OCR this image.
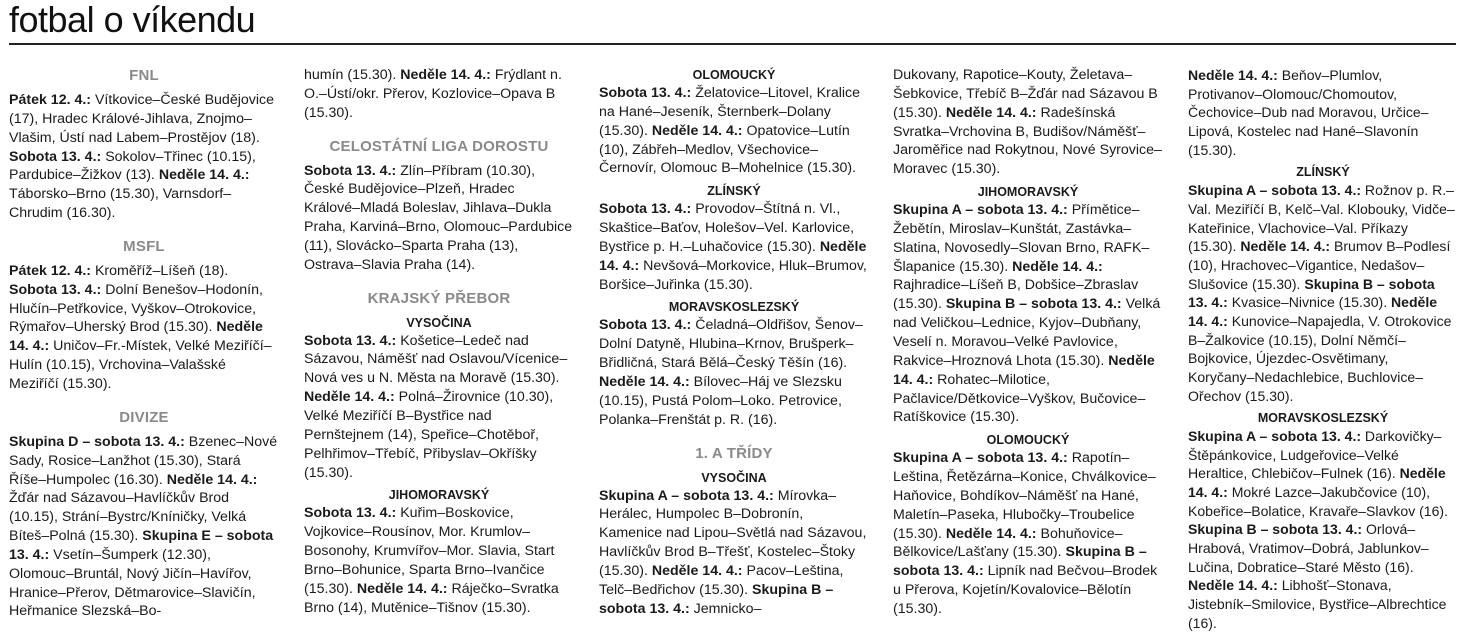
fotbal o víkendu
FNL

Pátek 12. 4.: Vítkovice–České Budějovice (17), Hradec Králové-Jihlava, Znojmo–Vlašim, Ústí nad Labem–Prostějov (18). Sobota 13. 4.: Sokolov–Třinec (10.15), Pardubice–Žižkov (13). Neděle 14. 4.: Táborsko–Brno (15.30), Varnsdorf–Chrudim (16.30).

MSFL

Pátek 12. 4.: Kroměříž–Líšeň (18). Sobota 13. 4.: Dolní Benešov–Hodonín, Hlučín–Petřkovice, Vyškov–Otrokovice, Rýmařov–Uherský Brod (15.30). Neděle 14. 4.: Uničov–Fr.-Místek, Velké Meziříčí–Hulín (10.15), Vrchovina–Valašské Meziříčí (15.30).

DIVIZE

Skupina D – sobota 13. 4.: Bzenec–Nové Sady, Rosice–Lanžhot (15.30), Stará Říše–Humpolec (16.30). Neděle 14. 4.: Žďár nad Sázavou–Havlíčkův Brod (10.15), Strání–Bystrc/Kníničky, Velká Bíteš–Polná (15.30). Skupina E – sobota 13. 4.: Vsetín–Šumperk (12.30), Olomouc–Bruntál, Nový Jičín–Havířov, Hranice–Přerov, Dětmarovice–Slavičín, Heřmanice Slezská–Bo-

humín (15.30). Neděle 14. 4.: Frýdlant n. O.–Ústí/okr. Přerov, Kozlovice–Opava B (15.30).

CELOSTÁTNÍ LIGA DOROSTU

Sobota 13. 4.: Zlín–Příbram (10.30), České Budějovice–Plzeň, Hradec Králové–Mladá Boleslav, Jihlava–Dukla Praha, Karviná–Brno, Olomouc–Pardubice (11), Slovácko–Sparta Praha (13), Ostrava–Slavia Praha (14).

KRAJSKÝ PŘEBOR
VYSOČINA

Sobota 13. 4.: Košetice–Ledeč nad Sázavou, Náměšť nad Oslavou/Vícenice–Nová ves u N. Města na Moravě (15.30). Neděle 14. 4.: Polná–Žirovnice (10.30), Velké Meziříčí B–Bystřice nad Pernštejnem (14), Speřice–Chotěboř, Pelhřimov–Třebíč, Přibyslav–Okříšky (15.30).

JIHOMORAVSKÝ

Sobota 13. 4.: Kuřim–Boskovice, Vojkovice–Rousínov, Mor. Krumlov–Bosonohy, Krumvířov–Mor. Slavia, Start Brno–Bohunice, Sparta Brno–Ivančice (15.30). Neděle 14. 4.: Ráječko–Svratka Brno (14), Mutěnice–Tišnov (15.30).

OLOMOUCKÝ

Sobota 13. 4.: Želatovice–Litovel, Kralice na Hané–Jeseník, Šternberk–Dolany (15.30). Neděle 14. 4.: Opatovice–Lutín (10), Zábřeh–Medlov, Všechovice–Černovír, Olomouc B–Mohelnice (15.30).

ZLÍNSKÝ

Sobota 13. 4.: Provodov–Štítná n. Vl., Skaštice–Baťov, Holešov–Vel. Karlovice, Bystřice p. H.–Luhačovice (15.30). Neděle 14. 4.: Nevšová–Morkovice, Hluk–Brumov, Boršice–Juřinka (15.30).

MORAVSKOSLEZSKÝ

Sobota 13. 4.: Čeladná–Oldřišov, Šenov–Dolní Datyně, Hlubina–Krnov, Brušperk–Břidličná, Stará Bělá–Český Těšín (16). Neděle 14. 4.: Bílovec–Háj ve Slezsku (10.15), Pustá Polom–Loko. Petrovice, Polanka–Frenštát p. R. (16).

1. A TŘÍDY
VYSOČINA

Skupina A – sobota 13. 4.: Mírovka–Herálec, Humpolec B–Dobronín, Kamenice nad Lipou–Světlá nad Sázavou, Havlíčkův Brod B–Třešť, Kostelec–Štoky (15.30). Neděle 14. 4.: Pacov–Leština, Telč–Bedřichov (15.30). Skupina B – sobota 13. 4.: Jemnicko–

Dukovany, Rapotice–Kouty, Želetava–Šebkovice, Třebíč B–Žďár nad Sázavou B (15.30). Neděle 14. 4.: Radešínská Svratka–Vrchovina B, Budišov/Náměšť–Jaroměřice nad Rokytnou, Nové Syrovice–Moravec (15.30).

JIHOMORAVSKÝ

Skupina A – sobota 13. 4.: Přímětice–Žebětín, Miroslav–Kunštát, Zastávka–Slatina, Novosedly–Slovan Brno, RAFK–Šlapanice (15.30). Neděle 14. 4.: Rajhradice–Líšeň B, Dobšice–Zbraslav (15.30). Skupina B – sobota 13. 4.: Velká nad Veličkou–Lednice, Kyjov–Dubňany, Veselí n. Moravou–Velké Pavlovice, Rakvice–Hroznová Lhota (15.30). Neděle 14. 4.: Rohatec–Milotice, Pačlavice/Dětkovice–Vyškov, Bučovice–Ratíškovice (15.30).

OLOMOUCKÝ

Skupina A – sobota 13. 4.: Rapotín–Leština, Řetězárna–Konice, Chválkovice–Haňovice, Bohdíkov–Náměšť na Hané, Maletín–Paseka, Hlubočky–Troubelice (15.30). Neděle 14. 4.: Bohuňovice–Bělkovice/Lašťany (15.30). Skupina B – sobota 13. 4.: Lipník nad Bečvou–Brodek u Přerova, Kojetín/Kovalovice–Bělotín (15.30).

Neděle 14. 4.: Beňov–Plumlov, Protivanov–Olomouc/Chomoutov, Čechovice–Dub nad Moravou, Určice–Lipová, Kostelec nad Hané–Slavonín (15.30).

ZLÍNSKÝ

Skupina A – sobota 13. 4.: Rožnov p. R.–Val. Meziříčí B, Kelč–Val. Klobouky, Vidče–Kateřinice, Vlachovice–Val. Příkazy (15.30). Neděle 14. 4.: Brumov B–Podlesí (10), Hrachovec–Vigantice, Nedašov–Slušovice (15.30). Skupina B – sobota 13. 4.: Kvasice–Nivnice (15.30). Neděle 14. 4.: Kunovice–Napajedla, V. Otrokovice B–Žalkovice (10.15), Dolní Němčí–Bojkovice, Újezdec-Osvětimany, Koryčany–Nedachlebice, Buchlovice–Ořechov (15.30).

MORAVSKOSLEZSKÝ

Skupina A – sobota 13. 4.: Darkovičky–Štěpánkovice, Ludgeřovice–Velké Heraltice, Chlebičov–Fulnek (16). Neděle 14. 4.: Mokré Lazce–Jakubčovice (10), Kobeřice–Bolatice, Kravaře–Slavkov (16). Skupina B – sobota 13. 4.: Orlová–Hrabová, Vratimov–Dobrá, Jablunkov–Lučina, Dobratice–Staré Město (16). Neděle 14. 4.: Libhošť–Stonava, Jistebník–Smilovice, Bystřice–Albrechtice (16).
